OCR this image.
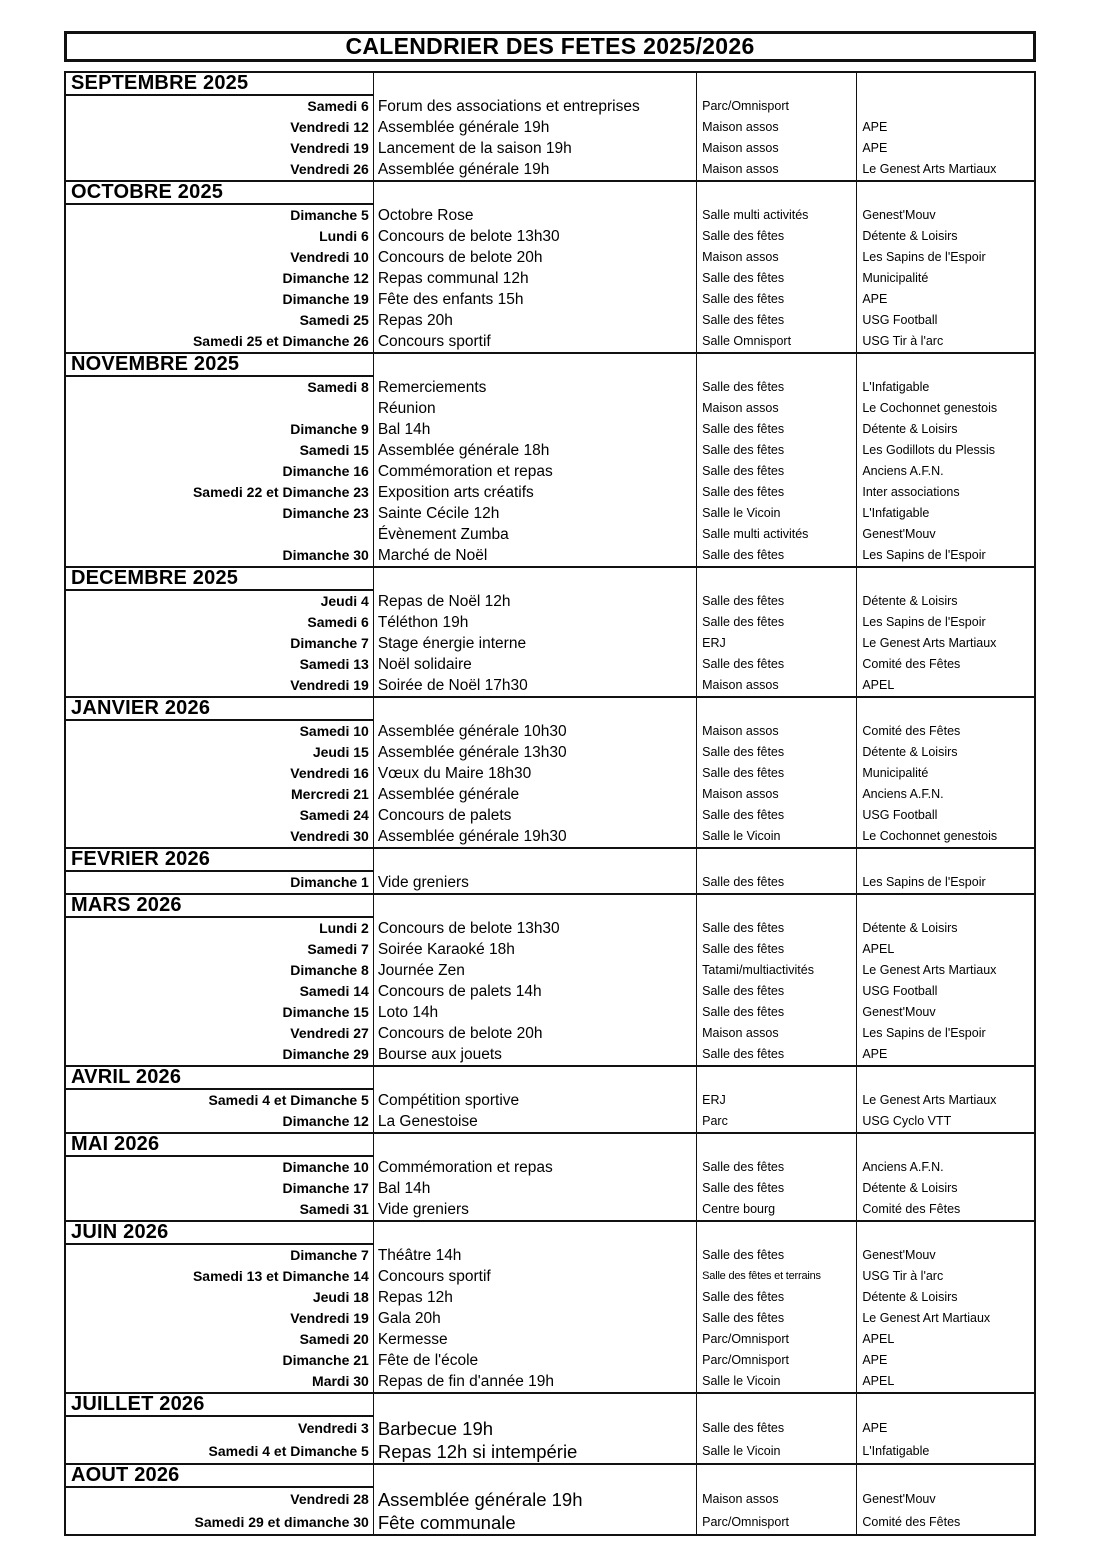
CALENDRIER DES FETES 2025/2026
SEPTEMBRE 2025
Samedi 6 Forum des associations et entreprises	Parc/Omnisport
Vendredi 12 Assemblée générale 19h	Maison assos	APE
Vendredi 19 Lancement de la saison 19h	Maison assos	APE
Vendredi 26 Assemblée générale 19h	Maison assos	Le Genest Arts Martiaux
OCTOBRE 2025
Dimanche 5 Octobre Rose	Salle multi activités	Genest'Mouv
Lundi 6 Concours de belote 13h30	Salle des fêtes	Détente & Loisirs
Vendredi 10 Concours de belote 20h	Maison assos	Les Sapins de l'Espoir
Dimanche 12 Repas communal 12h	Salle des fêtes	Municipalité
Dimanche 19 Fête des enfants 15h	Salle des fêtes	APE
Samedi 25 Repas 20h	Salle des fêtes	USG Football
Samedi 25 et Dimanche 26 Concours sportif	Salle Omnisport	USG Tir à l'arc
NOVEMBRE 2025
Samedi 8 Remerciements	Salle des fêtes	L'Infatigable
Réunion	Maison assos	Le Cochonnet genestois
Dimanche 9 Bal 14h	Salle des fêtes	Détente & Loisirs
Samedi 15 Assemblée générale 18h	Salle des fêtes	Les Godillots du Plessis
Dimanche 16 Commémoration et repas	Salle des fêtes	Anciens A.F.N.
Samedi 22 et Dimanche 23 Exposition arts créatifs	Salle des fêtes	Inter associations
Dimanche 23 Sainte Cécile 12h	Salle le Vicoin	L'Infatigable
Évènement Zumba	Salle multi activités	Genest'Mouv
Dimanche 30 Marché de Noël	Salle des fêtes	Les Sapins de l'Espoir
DECEMBRE 2025
Jeudi 4 Repas de Noël 12h	Salle des fêtes	Détente & Loisirs
Samedi 6 Téléthon 19h	Salle des fêtes	Les Sapins de l'Espoir
Dimanche 7 Stage énergie interne	ERJ	Le Genest Arts Martiaux
Samedi 13 Noël solidaire	Salle des fêtes	Comité des Fêtes
Vendredi 19 Soirée de Noël 17h30	Maison assos	APEL
JANVIER 2026
Samedi 10 Assemblée générale 10h30	Maison assos	Comité des Fêtes
Jeudi 15 Assemblée générale 13h30	Salle des fêtes	Détente & Loisirs
Vendredi 16 Vœux du Maire 18h30	Salle des fêtes	Municipalité
Mercredi 21 Assemblée générale	Maison assos	Anciens A.F.N.
Samedi 24 Concours de palets	Salle des fêtes	USG Football
Vendredi 30 Assemblée générale 19h30	Salle le Vicoin	Le Cochonnet genestois
FEVRIER 2026
Dimanche 1 Vide greniers	Salle des fêtes	Les Sapins de l'Espoir
MARS 2026
Lundi 2 Concours de belote 13h30	Salle des fêtes	Détente & Loisirs
Samedi 7 Soirée Karaoké 18h	Salle des fêtes	APEL
Dimanche 8 Journée Zen	Tatami/multiactivités	Le Genest Arts Martiaux
Samedi 14 Concours de palets 14h	Salle des fêtes	USG Football
Dimanche 15 Loto 14h	Salle des fêtes	Genest'Mouv
Vendredi 27 Concours de belote 20h	Maison assos	Les Sapins de l'Espoir
Dimanche 29 Bourse aux jouets	Salle des fêtes	APE
AVRIL 2026
Samedi 4 et Dimanche 5 Compétition sportive	ERJ	Le Genest Arts Martiaux
Dimanche 12 La Genestoise	Parc	USG Cyclo VTT
MAI 2026
Dimanche 10 Commémoration et repas	Salle des fêtes	Anciens A.F.N.
Dimanche 17 Bal 14h	Salle des fêtes	Détente & Loisirs
Samedi 31 Vide greniers	Centre bourg	Comité des Fêtes
JUIN 2026
Dimanche 7 Théâtre 14h	Salle des fêtes	Genest'Mouv
Samedi 13 et Dimanche 14 Concours sportif	Salle des fêtes et terrains	USG Tir à l'arc
Jeudi 18 Repas 12h	Salle des fêtes	Détente & Loisirs
Vendredi 19 Gala 20h	Salle des fêtes	Le Genest Art Martiaux
Samedi 20 Kermesse	Parc/Omnisport	APEL
Dimanche 21 Fête de l'école	Parc/Omnisport	APE
Mardi 30 Repas de fin d'année 19h	Salle le Vicoin	APEL
JUILLET 2026
Vendredi 3 Barbecue 19h	Salle des fêtes	APE
Samedi 4 et Dimanche 5 Repas 12h si intempérie	Salle le Vicoin	L'Infatigable
AOUT 2026
Vendredi 28 Assemblée générale 19h	Maison assos	Genest'Mouv
Samedi 29 et dimanche 30 Fête communale	Parc/Omnisport	Comité des Fêtes
